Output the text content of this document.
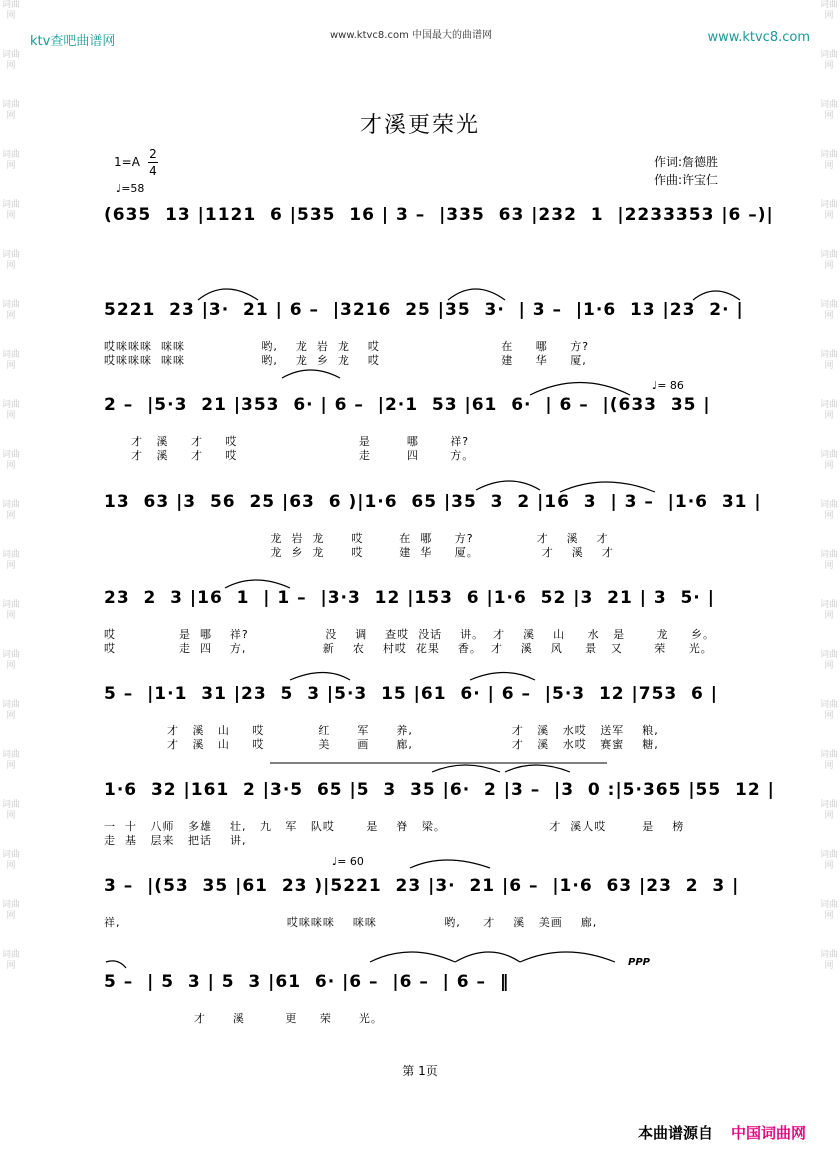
词曲网
词曲网
词曲网
词曲网
词曲网
词曲网
词曲网
词曲网
词曲网
词曲网
词曲网
词曲网
词曲网
词曲网
词曲网
词曲网
词曲网
词曲网
词曲网
词曲网
词曲网
词曲网
词曲网
词曲网
词曲网
词曲网
词曲网
词曲网
词曲网
词曲网
词曲网
词曲网
词曲网
词曲网
词曲网
词曲网
词曲网
词曲网
词曲网
词曲网
ktv查吧曲谱网	www.ktvc8.com 中国最大的曲谱网	www.ktvc8.com
才溪更荣光
1=A
2
4
♩=58
作词:詹德胜
作曲:许宝仁
(635  13 |1121  6 |535  16 | 3 –  |335  63 |232  1  |2233353 |6 –)|
5221  23 |3·  21 | 6 –  |3216  25 |35  3·  | 3 –  |1·6  13 |23  2· |
哎咪咪咪  咪咪                 哟,    龙  岩  龙    哎                           在     哪     方?
哎咪咪咪  咪咪                 哟,    龙  乡  龙    哎                           建     华     厦,
2 –  |5·3  21 |353  6· | 6 –  |2·1  53 |61  6·  | 6 –  |(633  35 |
才   溪     才     哎                           是        哪       祥?
才   溪     才     哎                           走        四       方。
13  63 |3  56  25 |63  6 )|1·6  65 |35  3  2 |16  3  | 3 –  |1·6  31 |
龙  岩  龙      哎        在  哪     方?              才    溪    才
龙  乡  龙      哎        建  华     厦。              才    溪    才
23  2  3 |16  1  | 1 –  |3·3  12 |153  6 |1·6  52 |3  21 | 3  5· |
哎              是  哪    祥?                 没    调    查哎  没话    讲。  才    溪    山     水   是       龙     乡。
哎              走  四    方,                 新    农    村哎  花果    香。  才    溪    风     景   又       荣     光。
5 –  |1·1  31 |23  5  3 |5·3  15 |61  6· | 6 –  |5·3  12 |753  6 |
才   溪   山     哎            红      军      养,                      才   溪   水哎   送军    粮,
才   溪   山     哎            美      画      廊,                      才   溪   水哎   赛蜜    糖,
1·6  32 |161  2 |3·5  65 |5  3  35 |6·  2 |3 –  |3  0 :|5·365 |55  12 |
一  十   八师   多雄    壮,   九   军   队哎       是    脊   梁。                       才  溪人哎        是    榜
走  基   层来   把话    讲,
3 –  |(53  35 |61  23 )|5221  23 |3·  21 |6 –  |1·6  63 |23  2  3 |
祥,                                     哎咪咪咪    咪咪               哟,     才    溪   美画    廊,
5 –  | 5  3 | 5  3 |61  6· |6 –  |6 –  | 6 –  ‖
才      溪         更     荣      光。
♩= 86
♩= 60
PPP
第 1页
本曲谱源自 中国词曲网
